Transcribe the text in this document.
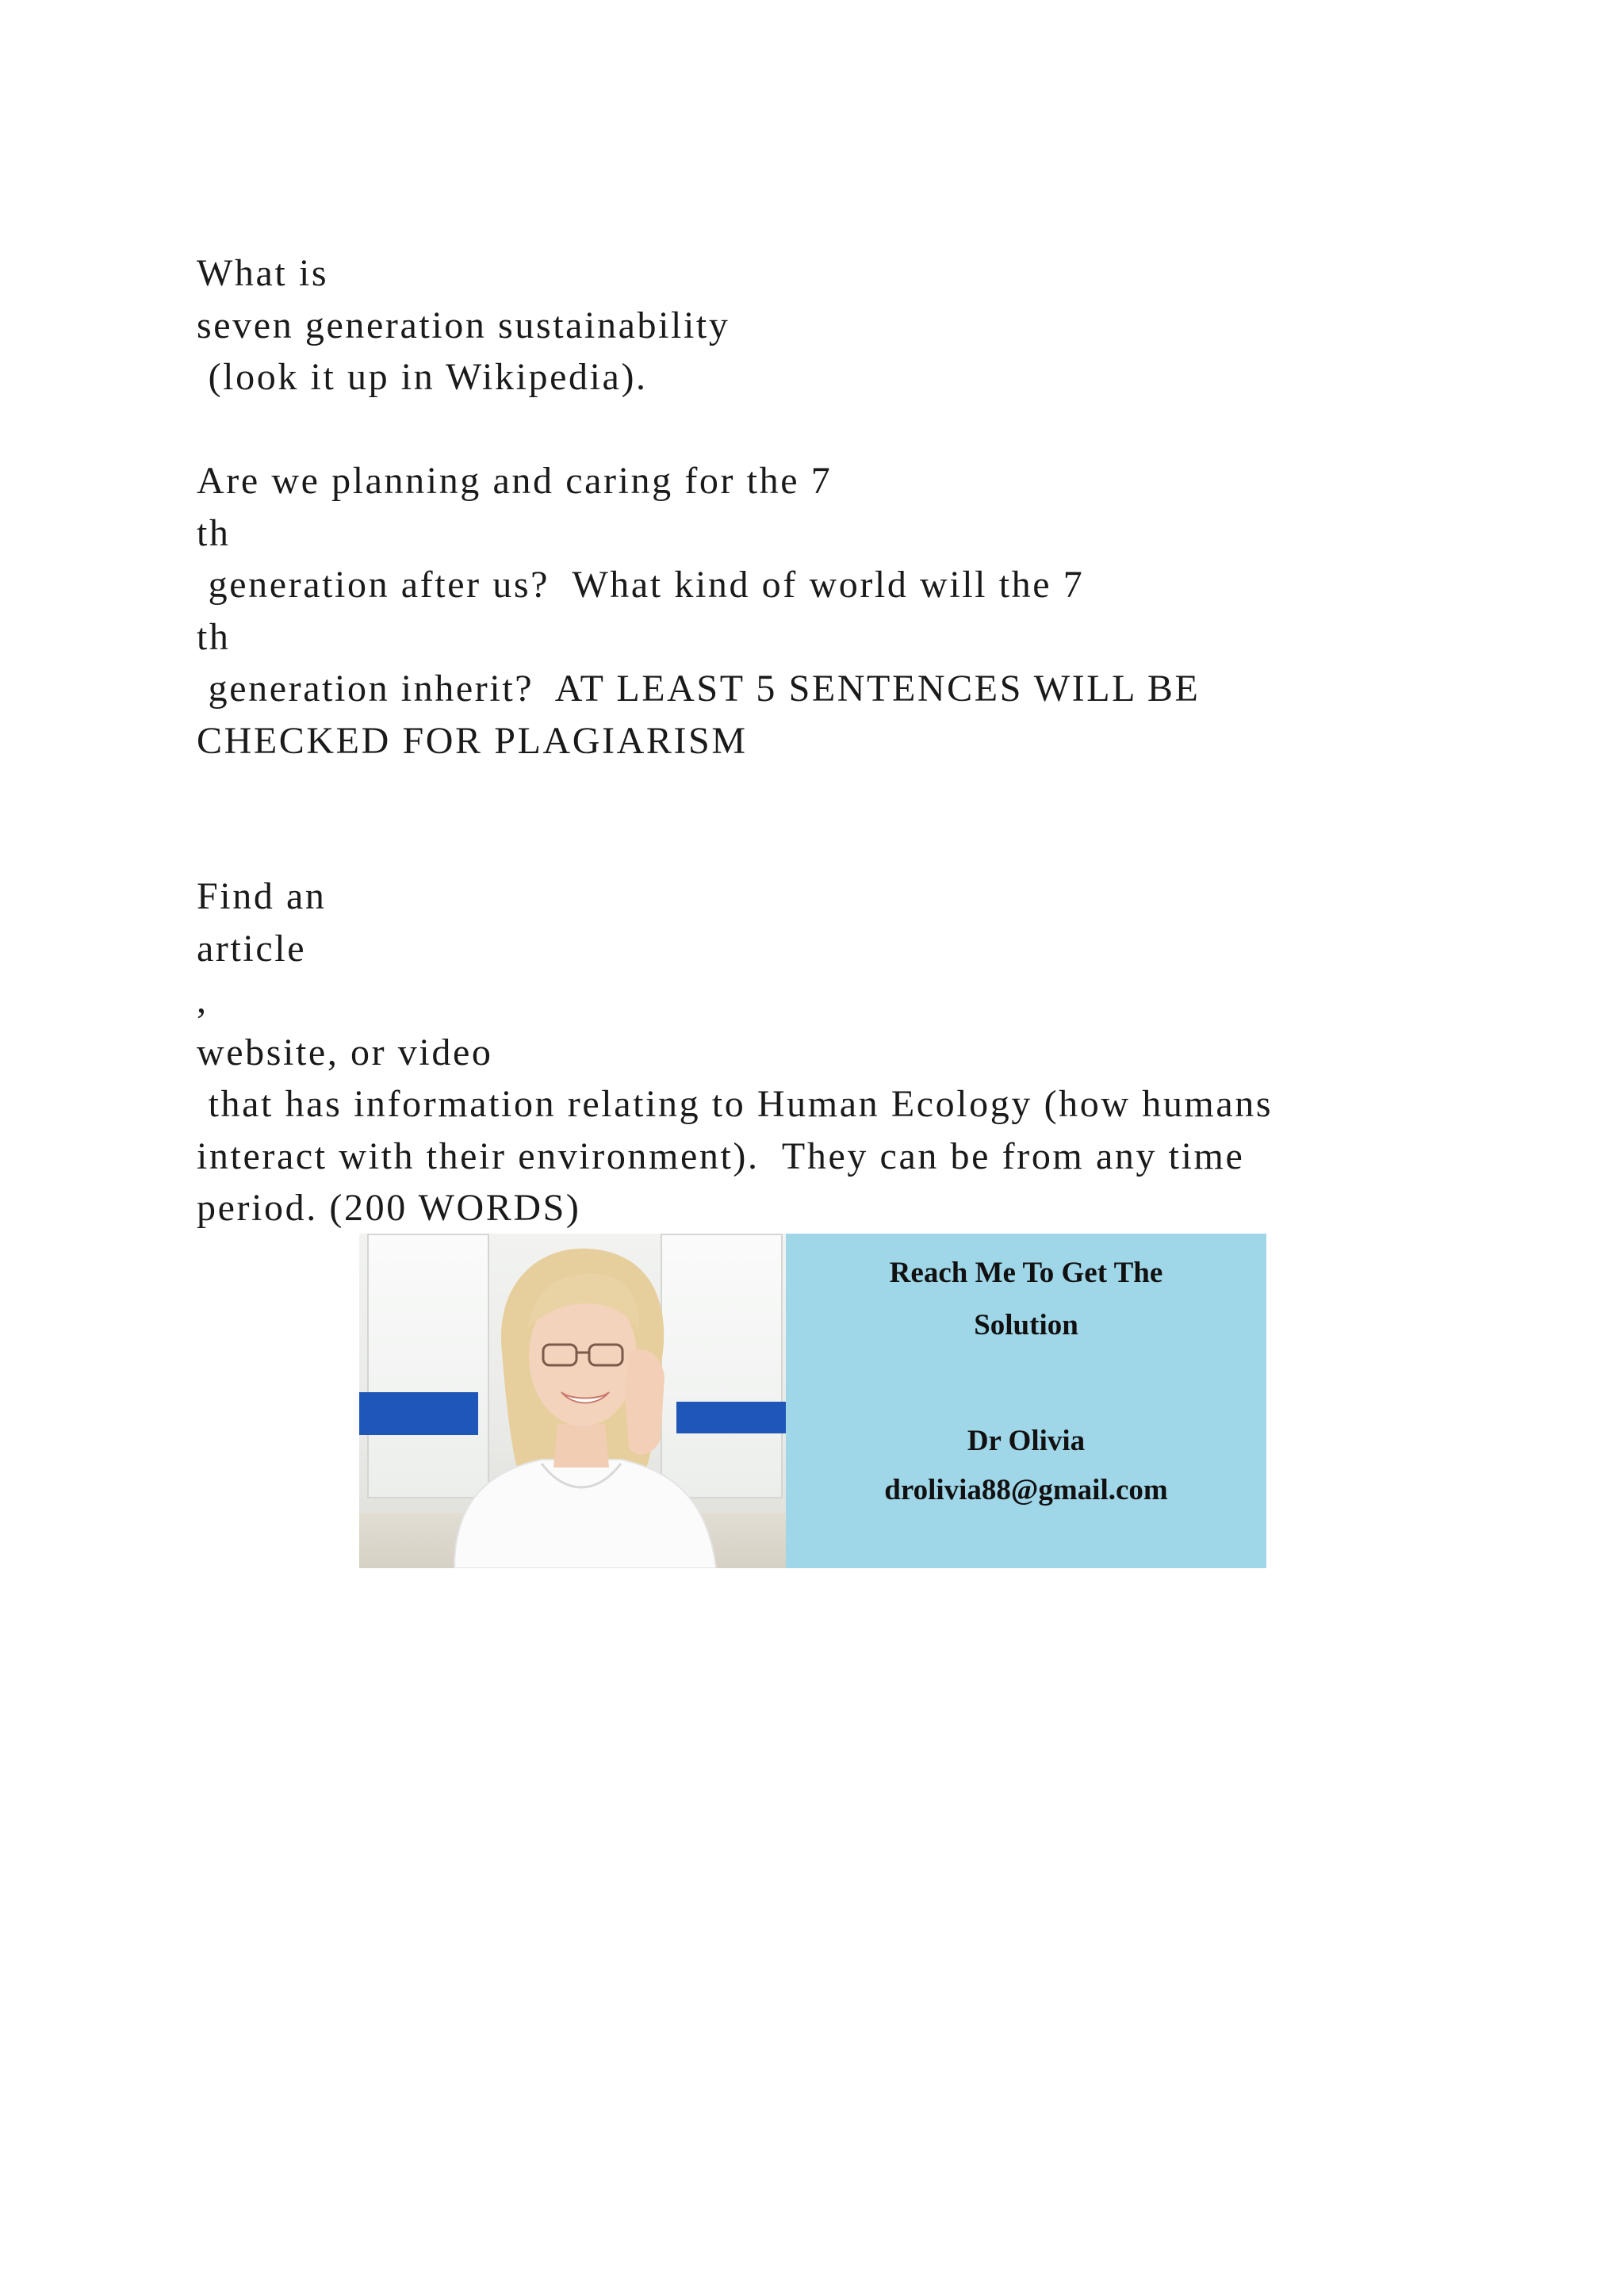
What is

seven generation sustainability

(look it up in Wikipedia).

Are we planning and caring for the 7

th

generation after us?  What kind of world will the 7

th

generation inherit?  AT LEAST 5 SENTENCES WILL BE

CHECKED FOR PLAGIARISM

Find an

article

,

website, or video

that has information relating to Human Ecology (how humans

interact with their environment).  They can be from any time

period. (200 WORDS)

Reach Me To Get The
Solution
Dr Olivia
drolivia88@gmail.com
